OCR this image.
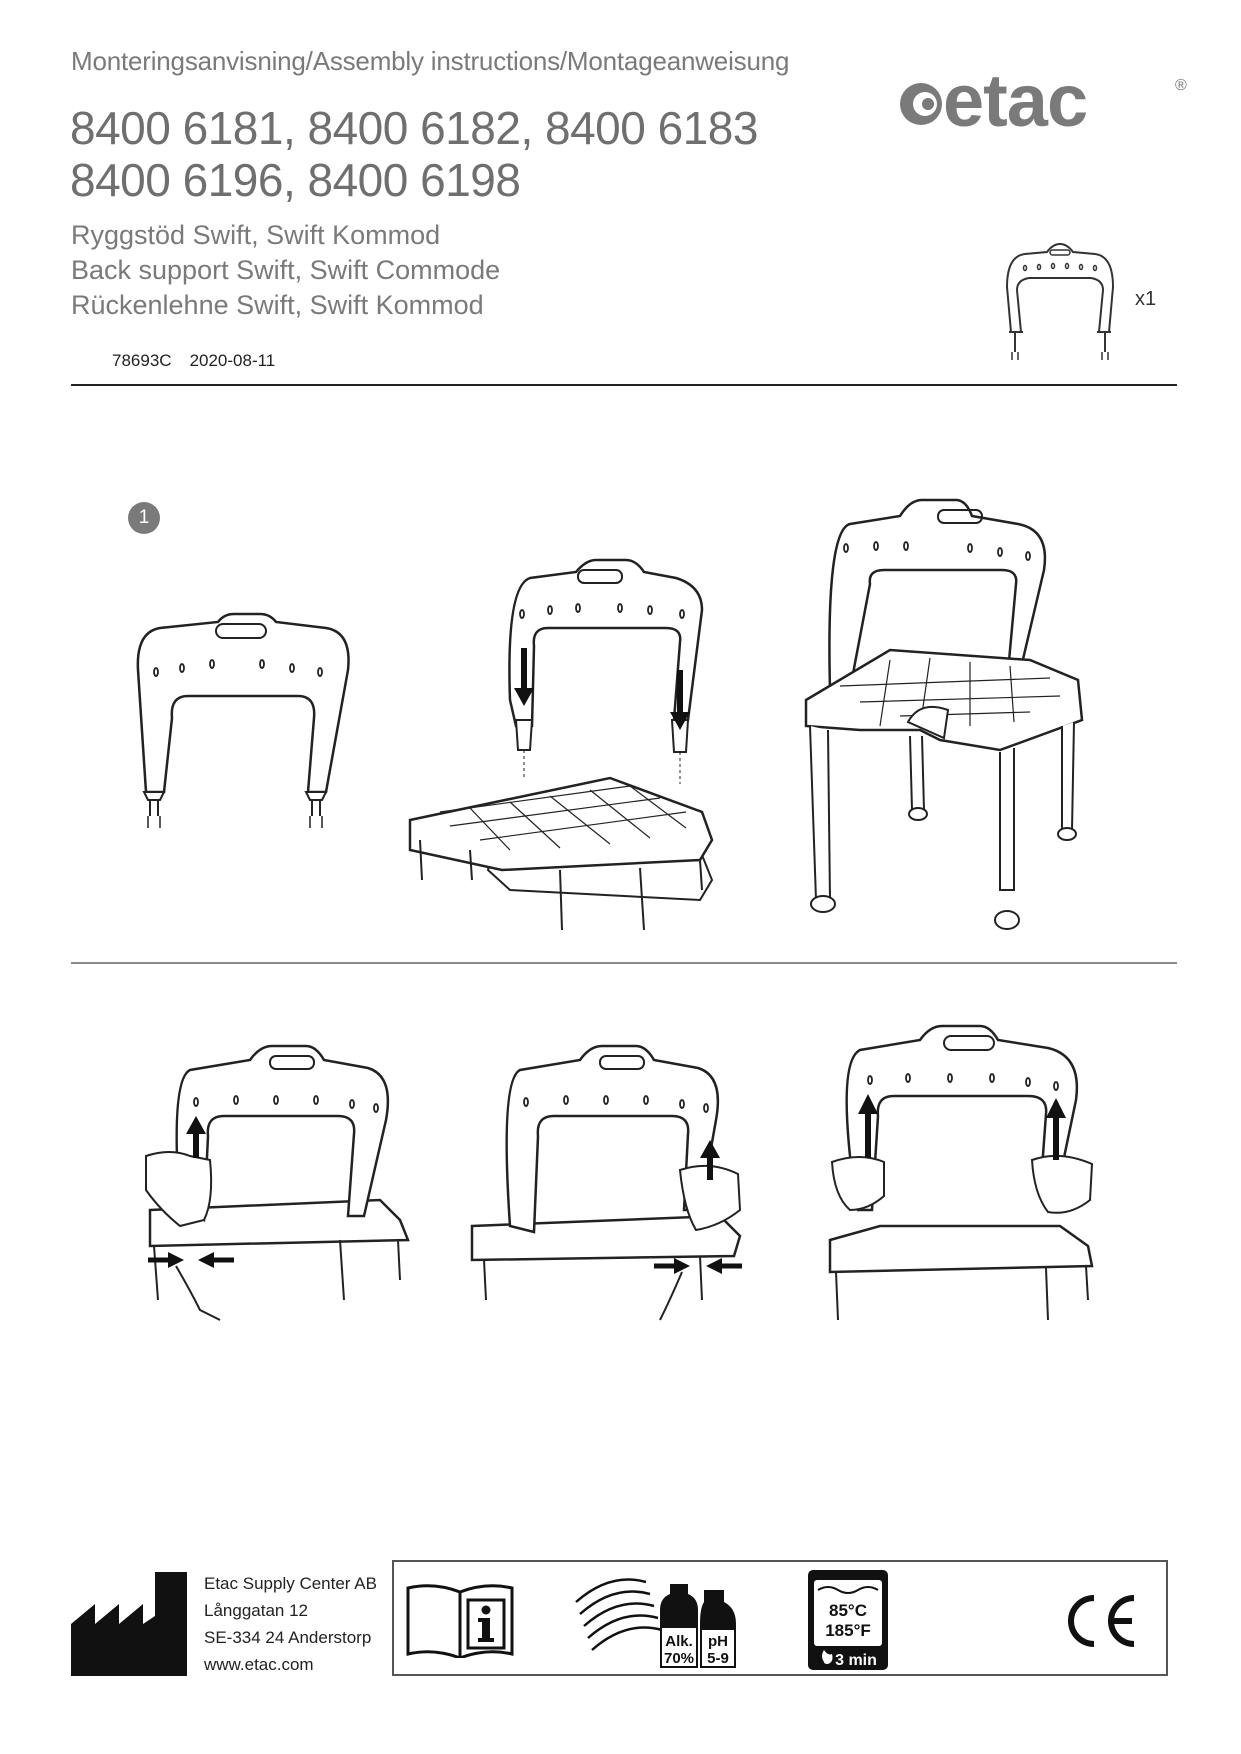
Monteringsanvisning/Assembly instructions/Montageanweisung
8400 6181, 8400 6182, 8400 6183
8400 6196, 8400 6198
Ryggstöd Swift, Swift Kommod
Back support Swift, Swift Commode
Rückenlehne Swift, Swift Kommod
78693C 2020-08-11
etac	®
x1
1
Etac Supply Center AB
Långgatan 12
SE-334 24 Anderstorp
www.etac.com
Alk.
70%
pH
5-9
85°C
185°F
3 min
